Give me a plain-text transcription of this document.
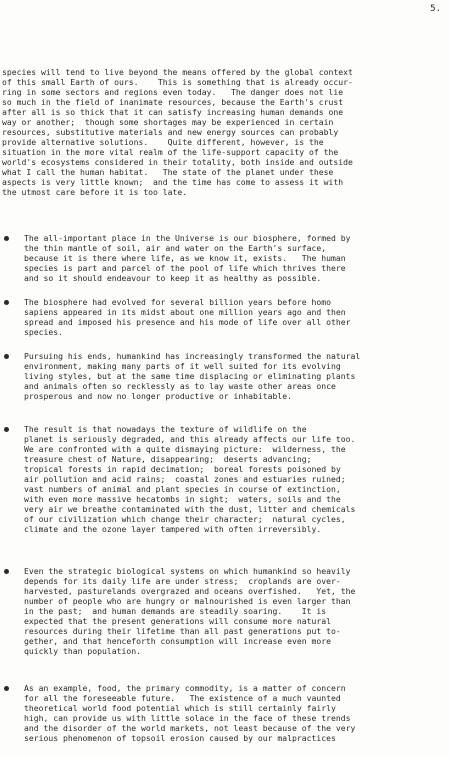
5.
species will tend to live beyond the means offered by the global context
of this small Earth of ours.    This is something that is already occur-
ring in some sectors and regions even today.   The danger does not lie
so much in the field of inanimate resources, because the Earth's crust
after all is so thick that it can satisfy increasing human demands one
way or another;  though some shortages may be experienced in certain
resources, substitutive materials and new energy sources can probably
provide alternative solutions.    Quite different, however, is the
situation in the more vital realm of the life-support capacity of the
world's ecosystems considered in their totality, both inside and outside
what I call the human habitat.   The state of the planet under these
aspects is very little known;  and the time has come to assess it with
the utmost care before it is too late.
The all-important place in the Universe is our biosphere, formed by
the thin mantle of soil, air and water on the Earth's surface,
because it is there where life, as we know it, exists.   The human
species is part and parcel of the pool of life which thrives there
and so it should endeavour to keep it as healthy as possible.
The biosphere had evolved for several billion years before homo
sapiens appeared in its midst about one million years ago and then
spread and imposed his presence and his mode of life over all other
species.
Pursuing his ends, humankind has increasingly transformed the natural
environment, making many parts of it well suited for its evolving
living styles, but at the same time displacing or eliminating plants
and animals often so recklessly as to lay waste other areas once
prosperous and now no longer productive or inhabitable.
The result is that nowadays the texture of wildlife on the
planet is seriously degraded, and this already affects our life too.
We are confronted with a quite dismaying picture:  wilderness, the
treasure chest of Nature, disappearing;  deserts advancing;
tropical forests in rapid decimation;  boreal forests poisoned by
air pollution and acid rains;  coastal zones and estuaries ruined;
vast numbers of animal and plant species in course of extinction,
with even more massive hecatombs in sight;  waters, soils and the
very air we breathe contaminated with the dust, litter and chemicals
of our civilization which change their character;  natural cycles,
climate and the ozone layer tampered with often irreversibly.
Even the strategic biological systems on which humankind so heavily
depends for its daily life are under stress;  croplands are over-
harvested, pasturelands overgrazed and oceans overfished.   Yet, the
number of people who are hungry or malnourished is even larger than
in the past;  and human demands are steadily soaring.    It is
expected that the present generations will consume more natural
resources during their lifetime than all past generations put to-
gether, and that henceforth consumption will increase even more
quickly than population.
As an example, food, the primary commodity, is a matter of concern
for all the foreseeable future.   The existence of a much vaunted
theoretical world food potential which is still certainly fairly
high, can provide us with little solace in the face of these trends
and the disorder of the world markets, not least because of the very
serious phenomenon of topsoil erosion caused by our malpractices
